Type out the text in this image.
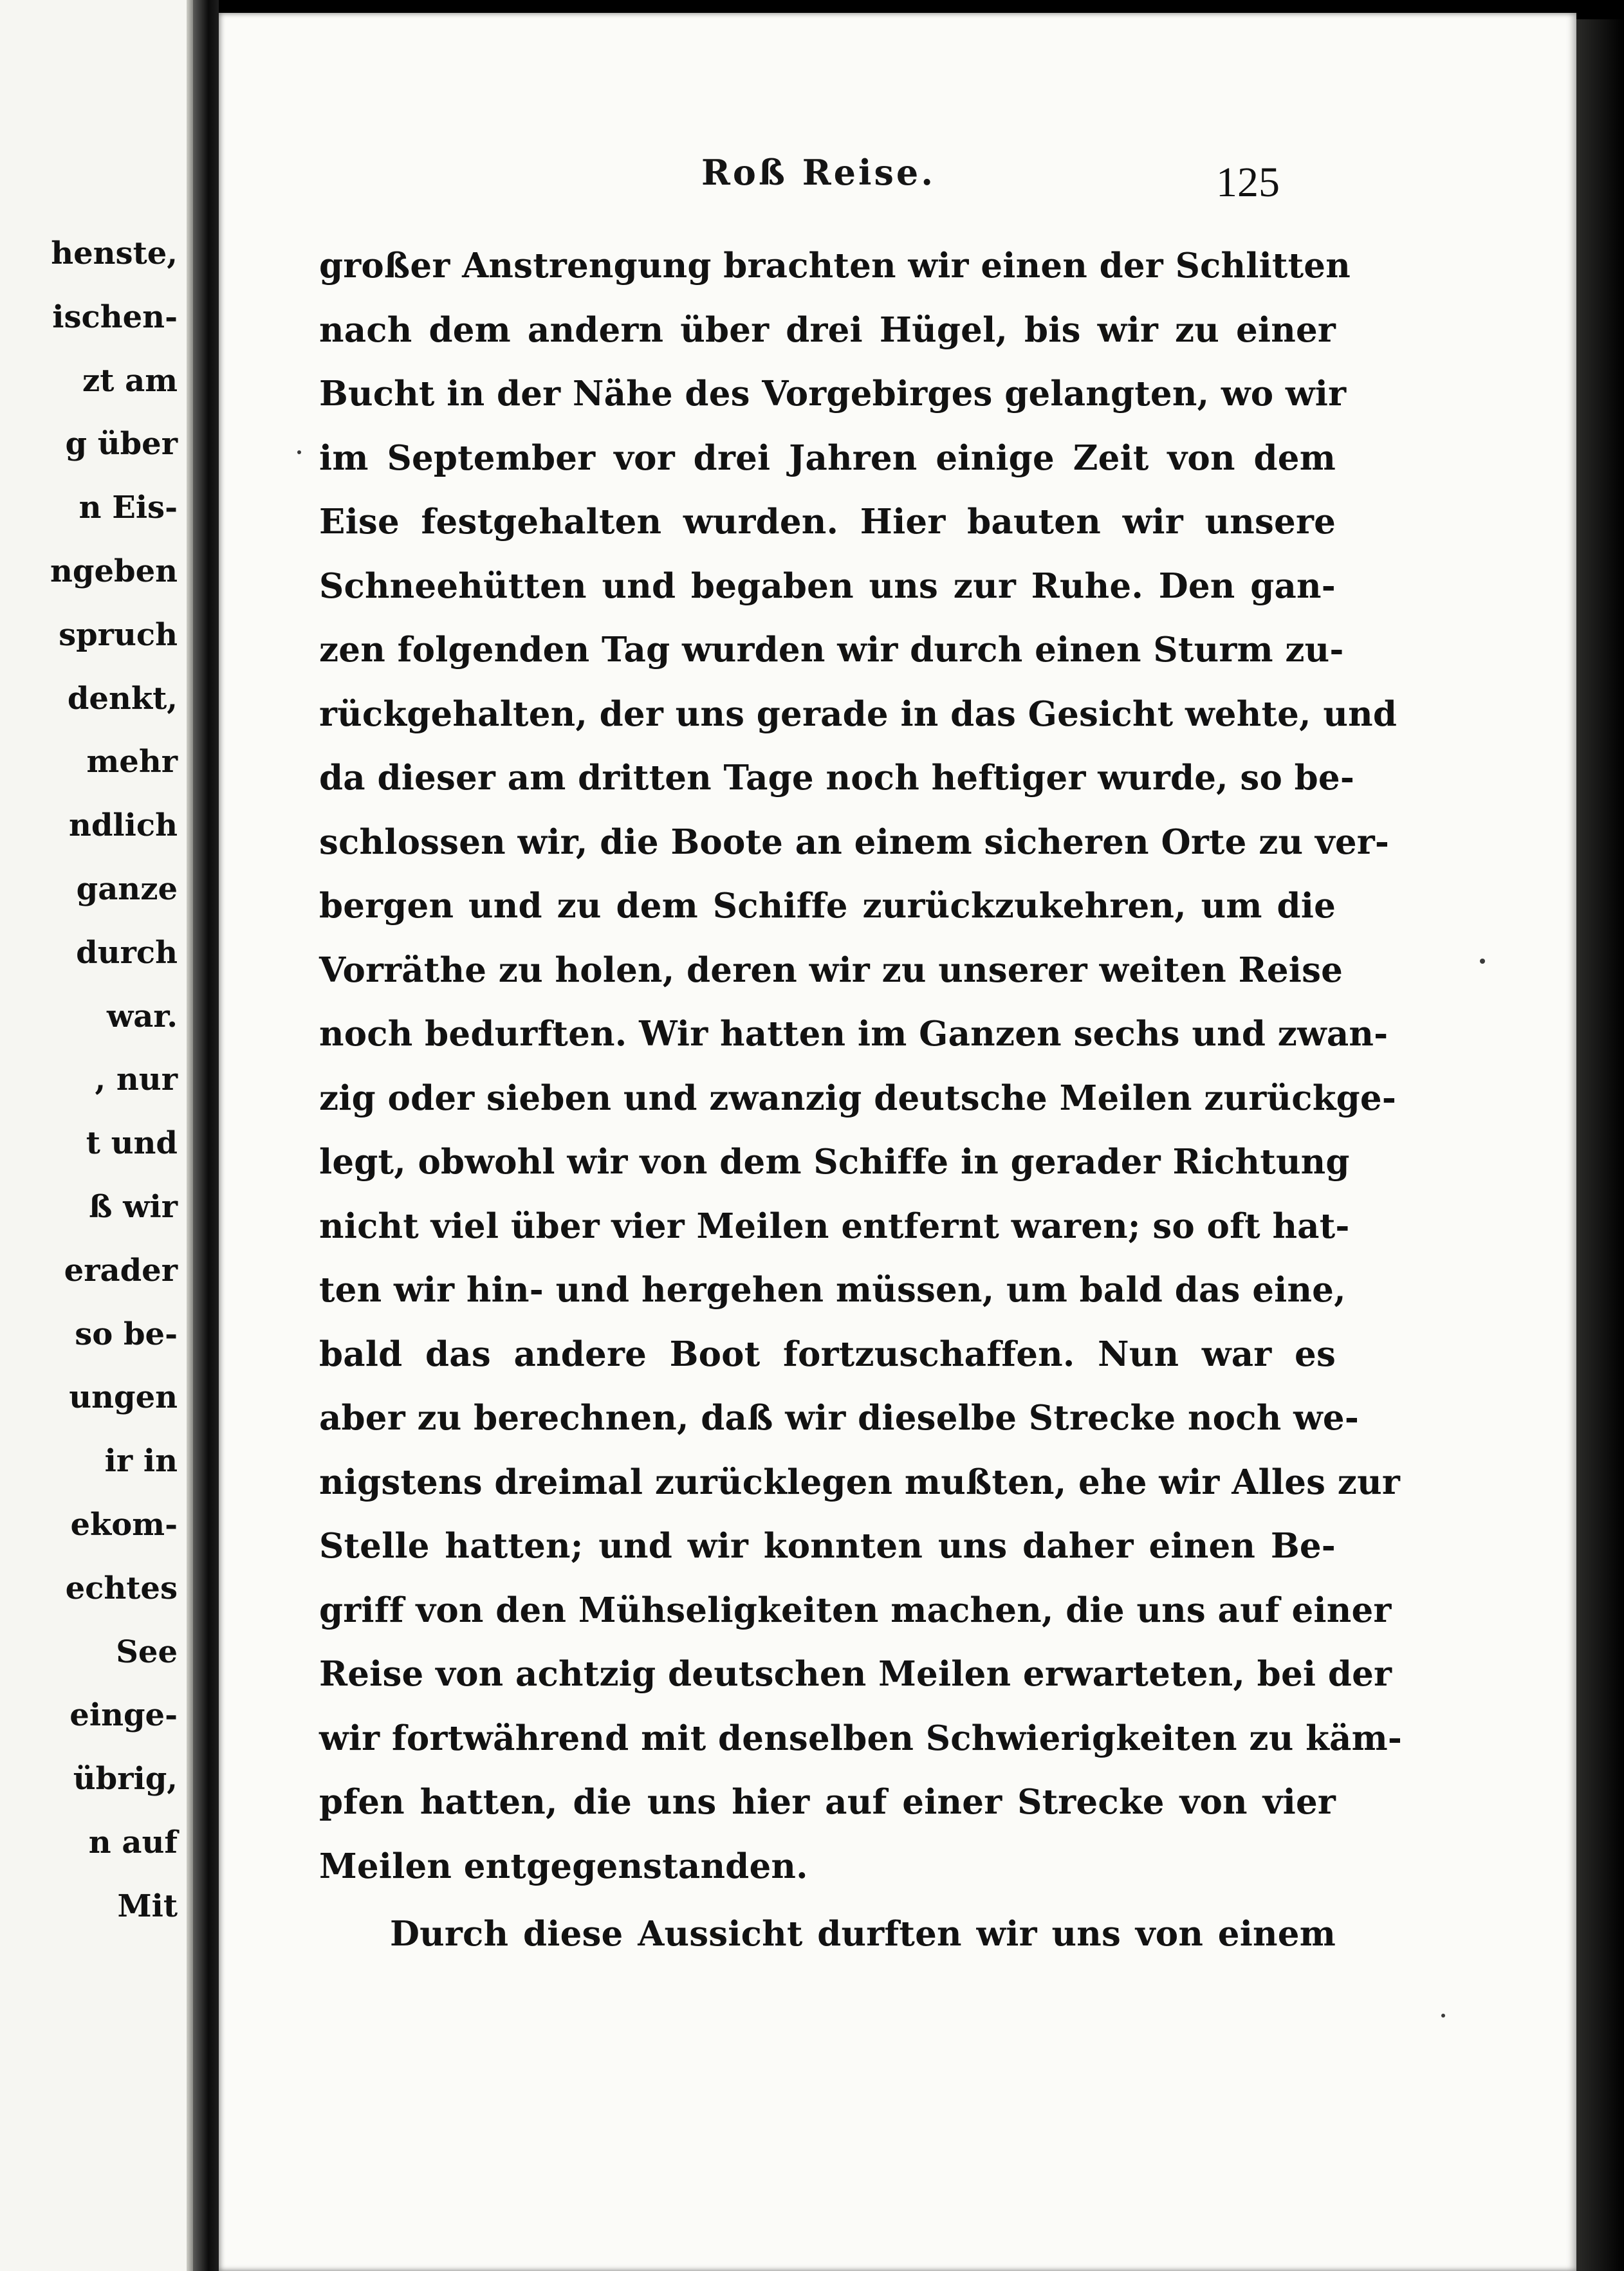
henste,
ischen-
zt am
g über
n Eis-
ngeben
spruch
denkt,
mehr
ndlich
ganze
durch
war.
, nur
t und
ß wir
erader
so be-
ungen
ir in
ekom-
echtes
See
einge-
übrig,
n auf
Mit
Roß Reise.	125
großer Anstrengung brachten wir einen der Schlitten
nach dem andern über drei Hügel, bis wir zu einer
Bucht in der Nähe des Vorgebirges gelangten, wo wir
im September vor drei Jahren einige Zeit von dem
Eise festgehalten wurden. Hier bauten wir unsere
Schneehütten und begaben uns zur Ruhe. Den gan-
zen folgenden Tag wurden wir durch einen Sturm zu-
rückgehalten, der uns gerade in das Gesicht wehte, und
da dieser am dritten Tage noch heftiger wurde, so be-
schlossen wir, die Boote an einem sicheren Orte zu ver-
bergen und zu dem Schiffe zurückzukehren, um die
Vorräthe zu holen, deren wir zu unserer weiten Reise
noch bedurften. Wir hatten im Ganzen sechs und zwan-
zig oder sieben und zwanzig deutsche Meilen zurückge-
legt, obwohl wir von dem Schiffe in gerader Richtung
nicht viel über vier Meilen entfernt waren; so oft hat-
ten wir hin- und hergehen müssen, um bald das eine,
bald das andere Boot fortzuschaffen. Nun war es
aber zu berechnen, daß wir dieselbe Strecke noch we-
nigstens dreimal zurücklegen mußten, ehe wir Alles zur
Stelle hatten; und wir konnten uns daher einen Be-
griff von den Mühseligkeiten machen, die uns auf einer
Reise von achtzig deutschen Meilen erwarteten, bei der
wir fortwährend mit denselben Schwierigkeiten zu käm-
pfen hatten, die uns hier auf einer Strecke von vier
Meilen entgegenstanden.
Durch diese Aussicht durften wir uns von einem
